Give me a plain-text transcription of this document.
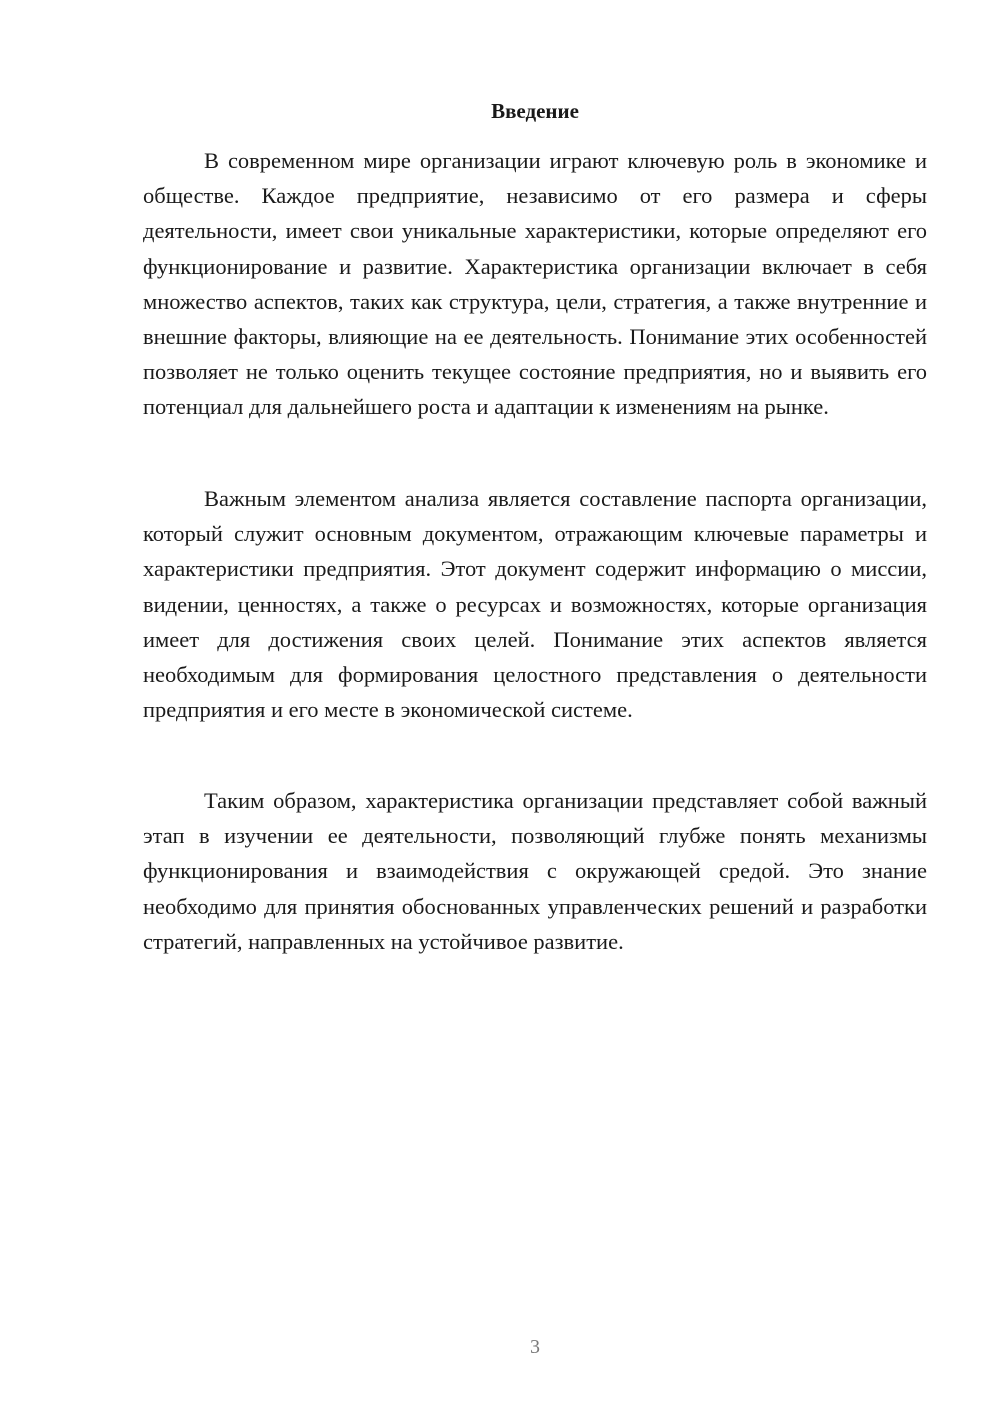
Введение

В современном мире организации играют ключевую роль в экономике и обществе. Каждое предприятие, независимо от его размера и сферы деятельности, имеет свои уникальные характеристики, которые определяют его функционирование и развитие. Характеристика организации включает в себя множество аспектов, таких как структура, цели, стратегия, а также внутренние и внешние факторы, влияющие на ее деятельность. Понимание этих особенностей позволяет не только оценить текущее состояние предприятия, но и выявить его потенциал для дальнейшего роста и адаптации к изменениям на рынке.

Важным элементом анализа является составление паспорта организации, который служит основным документом, отражающим ключевые параметры и характеристики предприятия. Этот документ содержит информацию о миссии, видении, ценностях, а также о ресурсах и возможностях, которые организация имеет для достижения своих целей. Понимание этих аспектов является необходимым для формирования целостного представления о деятельности предприятия и его месте в экономической системе.

Таким образом, характеристика организации представляет собой важный этап в изучении ее деятельности, позволяющий глубже понять механизмы функционирования и взаимодействия с окружающей средой. Это знание необходимо для принятия обоснованных управленческих решений и разработки стратегий, направленных на устойчивое развитие.

3
